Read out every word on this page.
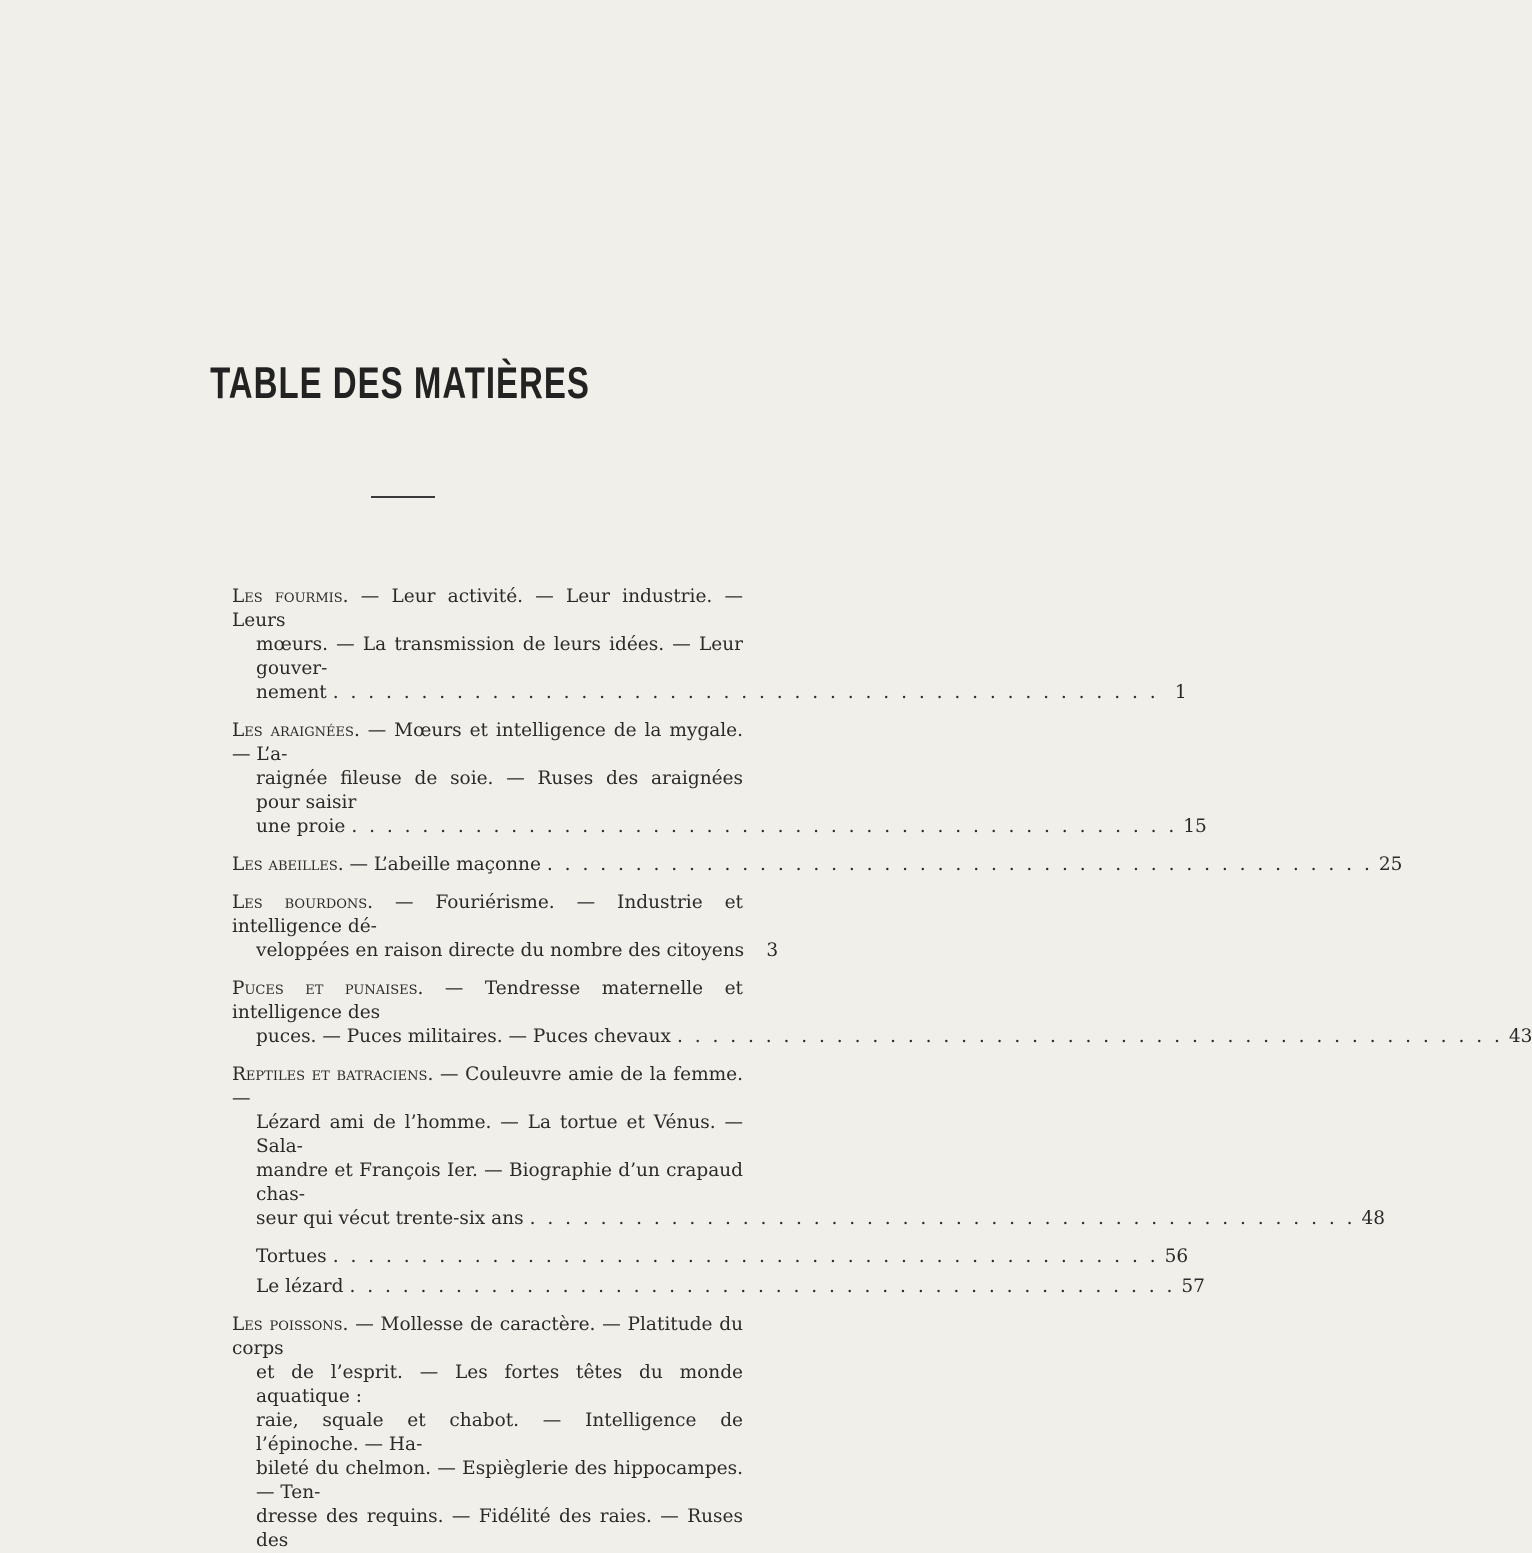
TABLE DES MATIÈRES
Les fourmis. — Leur activité. — Leur industrie. — Leurs
mœurs. — La transmission de leurs idées. — Leur gouver-
nement . . . . . . . . . . . . . . . . . . . . . . . . . . . . . . . . . . . . . . . . . . . . . . . 1
Les araignées. — Mœurs et intelligence de la mygale. — L’a-
raignée fileuse de soie. — Ruses des araignées pour saisir
une proie . . . . . . . . . . . . . . . . . . . . . . . . . . . . . . . . . . . . . . . . . . . . . . . 15
Les abeilles. — L’abeille maçonne . . . . . . . . . . . . . . . . . . . . . . . . . . . . . . . . . . . . . . . . . . . . . . . 25
Les bourdons. — Fouriérisme. — Industrie et intelligence dé-
veloppées en raison directe du nombre des citoyens	3
Puces et punaises. — Tendresse maternelle et intelligence des
puces. — Puces militaires. — Puces chevaux . . . . . . . . . . . . . . . . . . . . . . . . . . . . . . . . . . . . . . . . . . . . . . . 43
Reptiles et batraciens. — Couleuvre amie de la femme. —
Lézard ami de l’homme. — La tortue et Vénus. — Sala-
mandre et François Ier. — Biographie d’un crapaud chas-
seur qui vécut trente-six ans . . . . . . . . . . . . . . . . . . . . . . . . . . . . . . . . . . . . . . . . . . . . . . . 48
Tortues . . . . . . . . . . . . . . . . . . . . . . . . . . . . . . . . . . . . . . . . . . . . . . . 56
Le lézard . . . . . . . . . . . . . . . . . . . . . . . . . . . . . . . . . . . . . . . . . . . . . . . 57
Les poissons. — Mollesse de caractère. — Platitude du corps
et de l’esprit. — Les fortes têtes du monde aquatique :
raie, squale et chabot. — Intelligence de l’épinoche. — Ha-
bileté du chelmon. — Espièglerie des hippocampes. — Ten-
dresse des requins. — Fidélité des raies. — Ruses des
